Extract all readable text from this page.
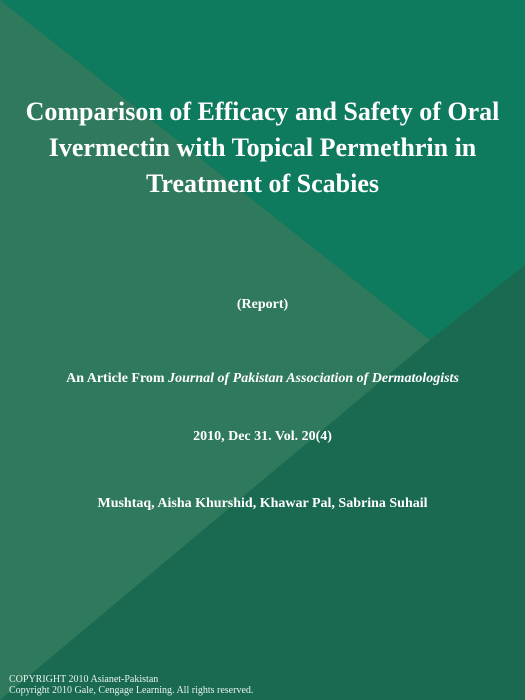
Comparison of Efficacy and Safety of Oral Ivermectin with Topical Permethrin in Treatment of Scabies
(Report)
An Article From Journal of Pakistan Association of Dermatologists
2010, Dec 31. Vol. 20(4)
Mushtaq, Aisha Khurshid, Khawar Pal, Sabrina Suhail
COPYRIGHT 2010 Asianet-Pakistan
Copyright 2010 Gale, Cengage Learning. All rights reserved.
